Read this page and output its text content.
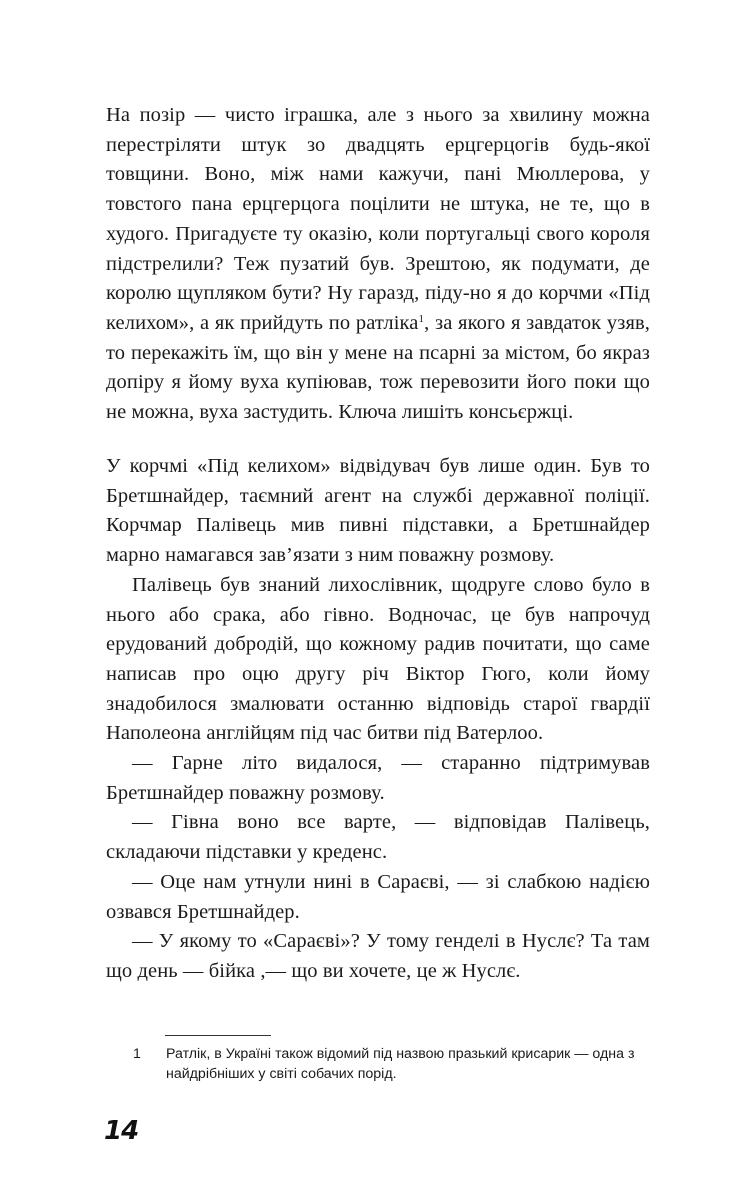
На позір — чисто іграшка, але з нього за хвилину можна перестріляти штук зо двадцять ерцгерцогів будь-якої товщини. Воно, між нами кажучи, пані Мюллерова, у товстого пана ерцгерцога поцілити не штука, не те, що в худого. Пригадуєте ту оказію, коли португальці свого короля підстрелили? Теж пузатий був. Зрештою, як подумати, де королю щупляком бути? Ну гаразд, піду-но я до корчми «Під келихом», а як прийдуть по ратліка$^1$, за якого я завдаток узяв, то перекажіть їм, що він у мене на псарні за містом, бо якраз допіру я йому вуха купіював, тож перевозити його поки що не можна, вуха застудить. Ключа лишіть консьєржці.

У корчмі «Під келихом» відвідувач був лише один. Був то Бретшнайдер, таємний агент на службі державної поліції. Корчмар Палівець мив пивні підставки, а Бретшнайдер марно намагався зав’язати з ним поважну розмову.

Палівець був знаний лихослівник, щодруге слово було в нього або срака, або гівно. Водночас, це був напрочуд ерудований добродій, що кожному радив почитати, що саме написав про оцю другу річ Віктор Гюго, коли йому знадобилося змалювати останню відповідь старої гвардії Наполеона англійцям під час битви під Ватерлоо.

— Гарне літо видалося, — старанно підтримував Бретшнайдер поважну розмову.

— Гівна воно все варте, — відповідав Палівець, складаючи підставки у креденс.

— Оце нам утнули нині в Сараєві, — зі слабкою надією озвався Бретшнайдер.

— У якому то «Сараєві»? У тому генделі в Нуслє? Та там що день — бійка ,— що ви хочете, це ж Нуслє.

1	Ратлік, в Україні також відомий під назвою празький крисарик — одна з найдрібніших у світі собачих порід.
14
